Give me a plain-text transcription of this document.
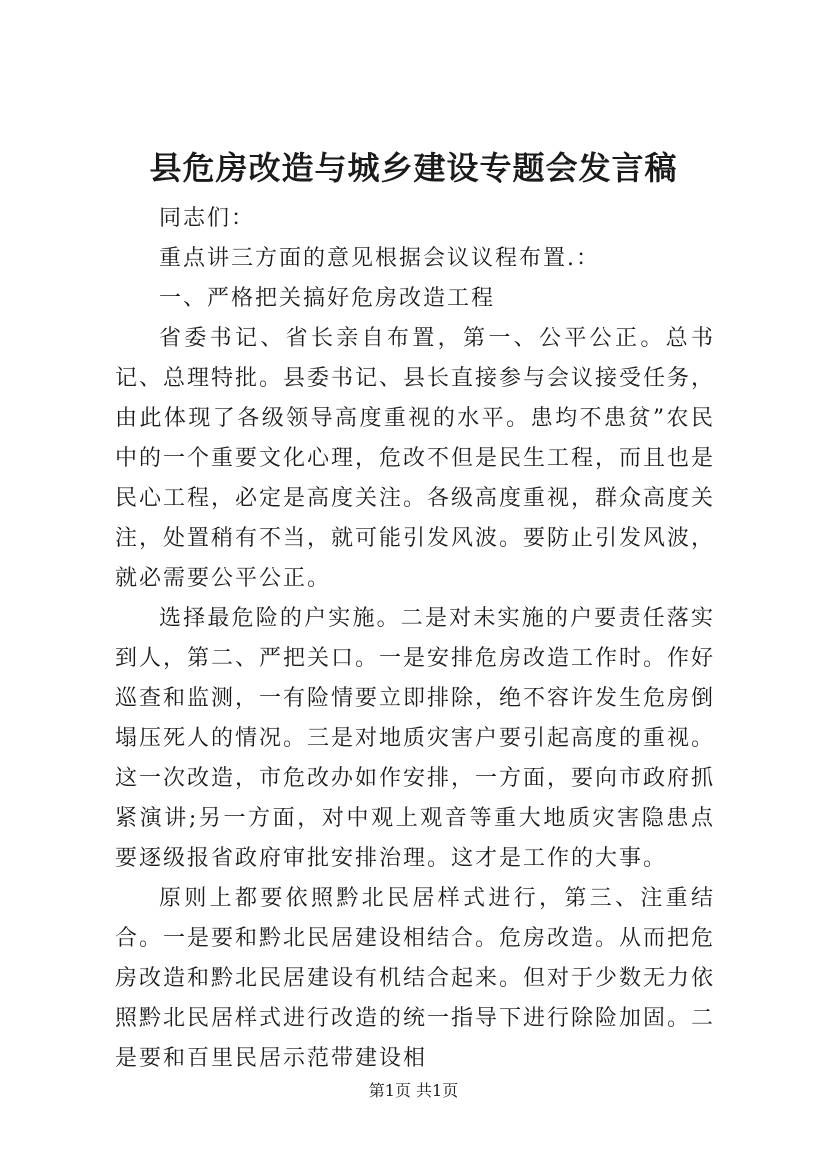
县危房改造与城乡建设专题会发言稿

同志们：

重点讲三方面的意见根据会议议程布置.：

一、严格把关搞好危房改造工程

省委书记、省长亲自布置，第一、公平公正。总书记、总理特批。县委书记、县长直接参与会议接受任务，由此体现了各级领导高度重视的水平。患均不患贫”农民中的一个重要文化心理，危改不但是民生工程，而且也是民心工程，必定是高度关注。各级高度重视，群众高度关注，处置稍有不当，就可能引发风波。要防止引发风波，就必需要公平公正。

选择最危险的户实施。二是对未实施的户要责任落实到人，第二、严把关口。一是安排危房改造工作时。作好巡查和监测，一有险情要立即排除，绝不容许发生危房倒塌压死人的情况。三是对地质灾害户要引起高度的重视。这一次改造，市危改办如作安排，一方面，要向市政府抓紧演讲;另一方面，对中观上观音等重大地质灾害隐患点要逐级报省政府审批安排治理。这才是工作的大事。

原则上都要依照黔北民居样式进行，第三、注重结合。一是要和黔北民居建设相结合。危房改造。从而把危房改造和黔北民居建设有机结合起来。但对于少数无力依照黔北民居样式进行改造的统一指导下进行除险加固。二是要和百里民居示范带建设相

第1页 共1页
